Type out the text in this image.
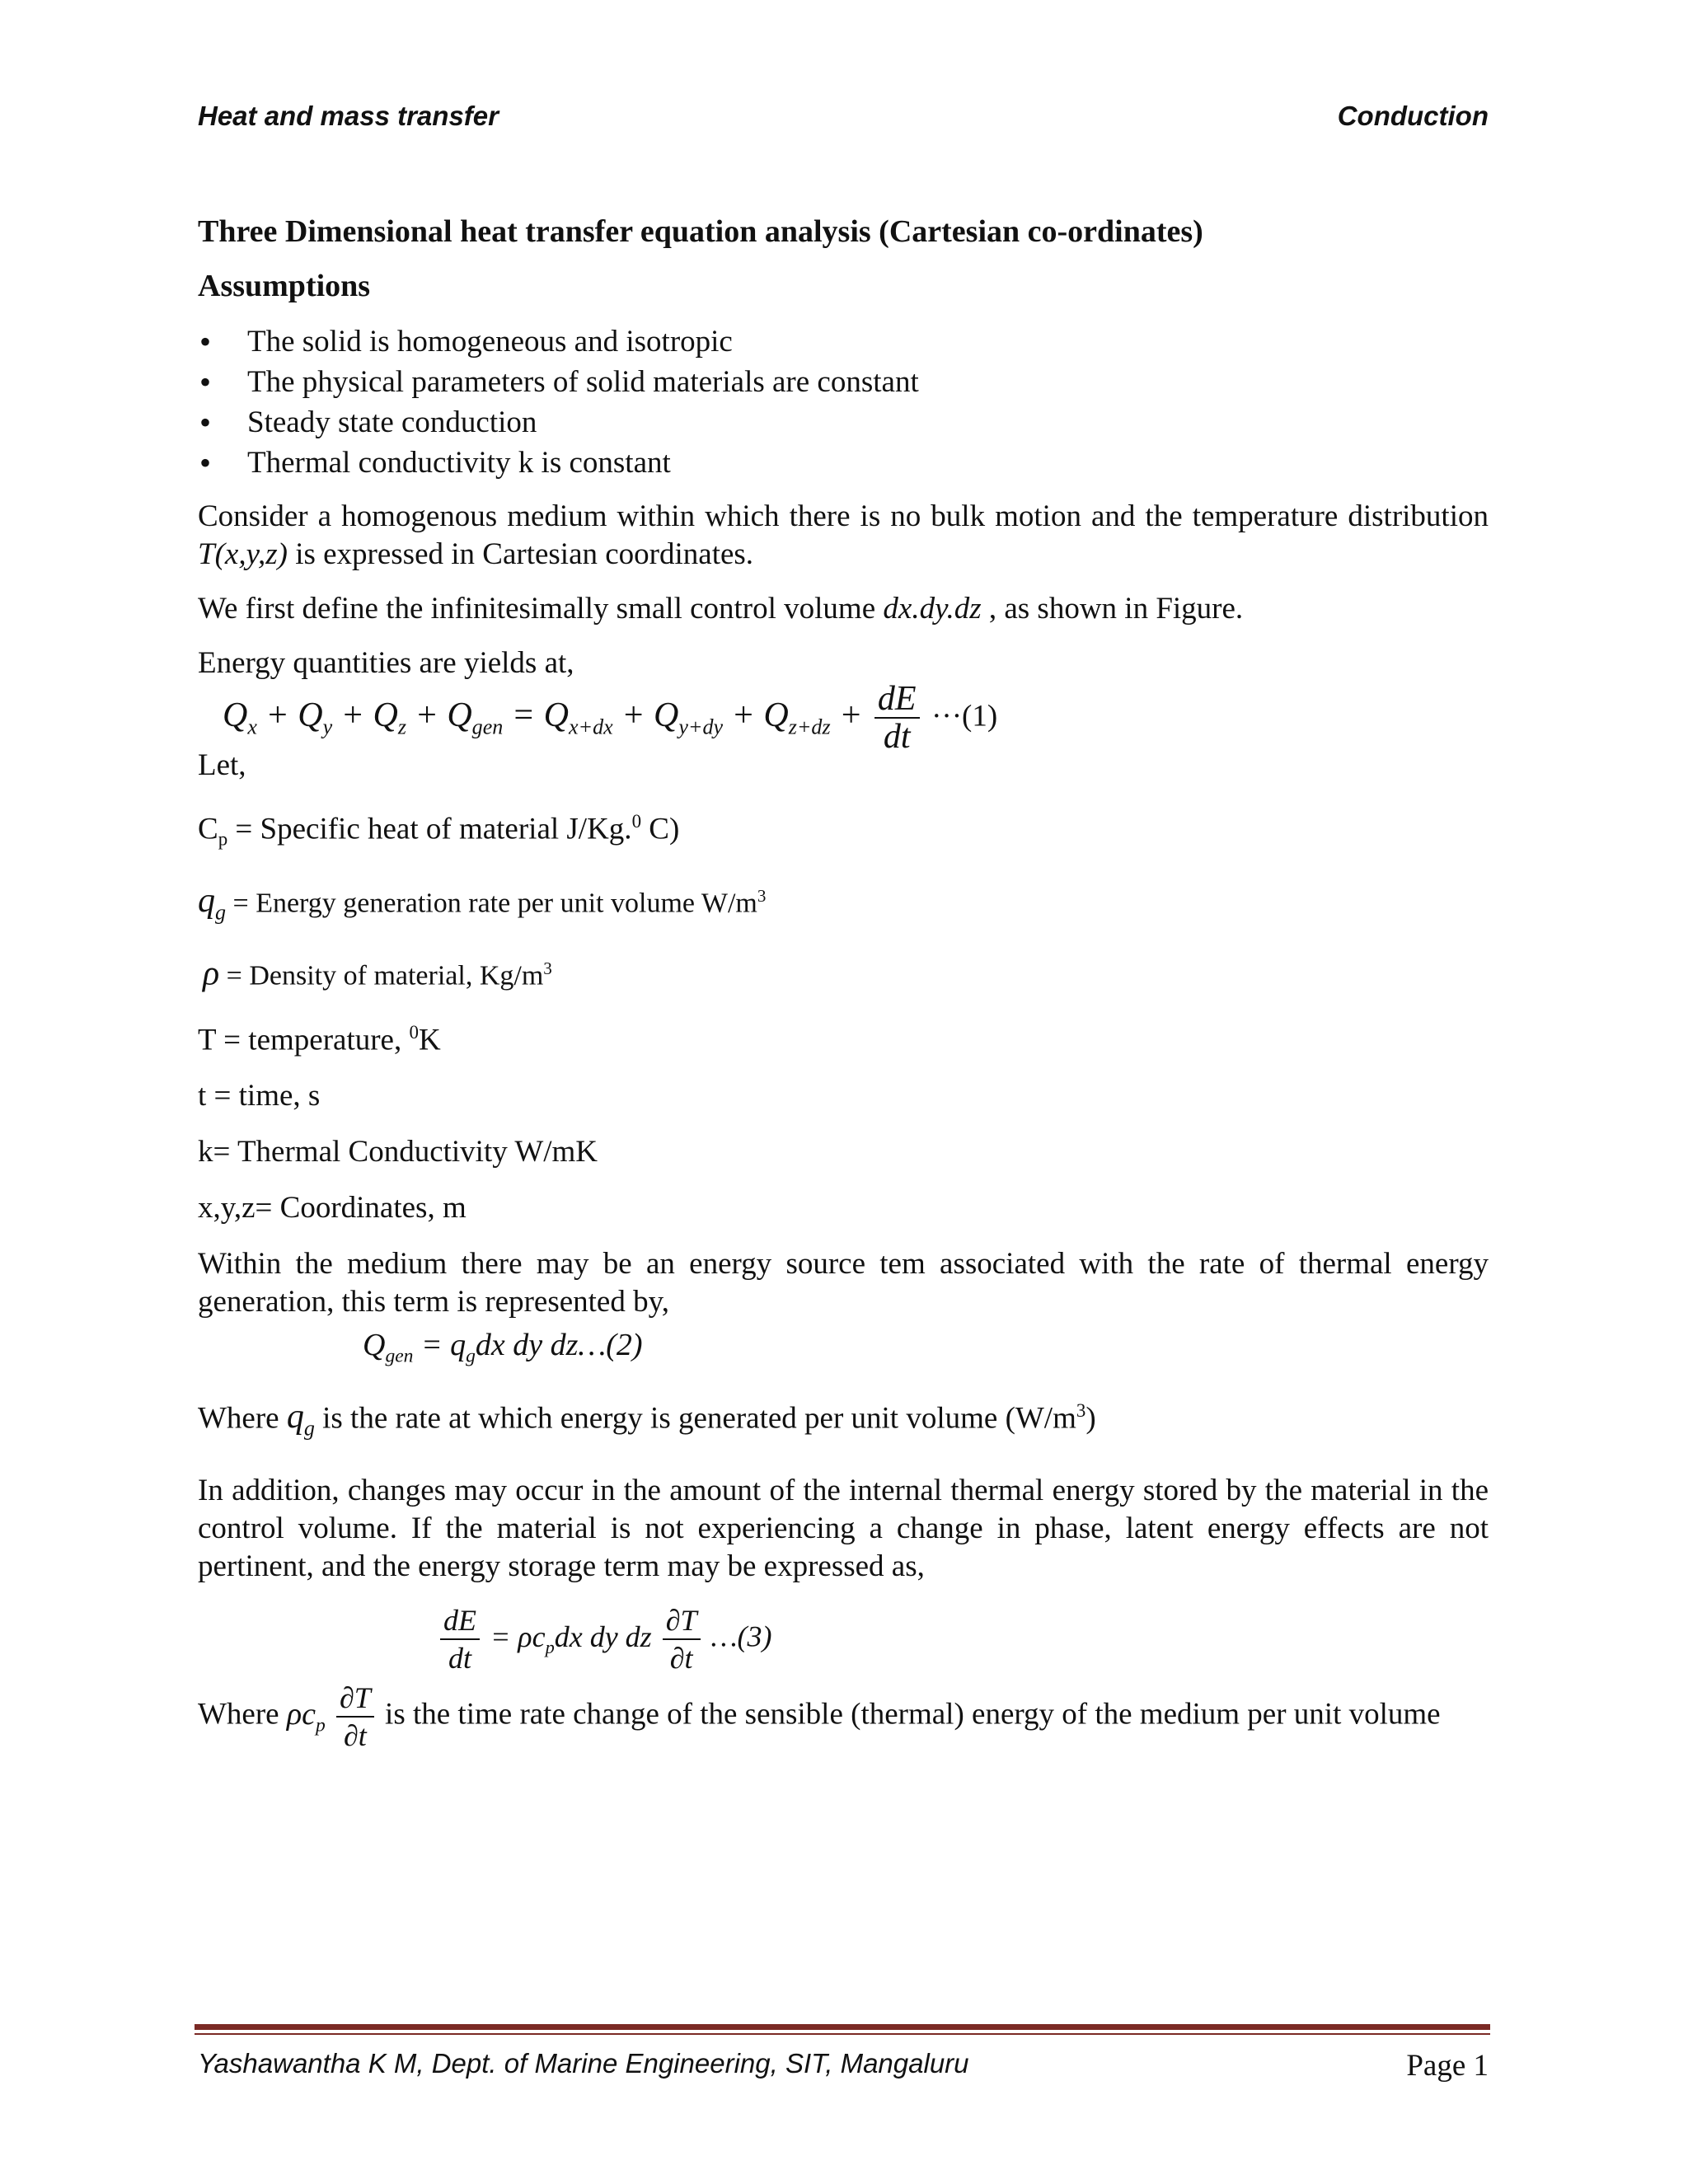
Heat and mass transfer	Conduction
Three Dimensional heat transfer equation analysis (Cartesian co-ordinates)
Assumptions
• The solid is homogeneous and isotropic
• The physical parameters of solid materials are constant
• Steady state conduction
• Thermal conductivity k is constant

Consider a homogenous medium within which there is no bulk motion and the temperature distribution T(x,y,z) is expressed in Cartesian coordinates.

We first define the infinitesimally small control volume dx.dy.dz , as shown in Figure.

Energy quantities are yields at,

$Q_x + Q_y + Q_z + Q_{gen} = Q_{x+dx} + Q_{y+dy} + Q_{z+dz} + \frac{dE}{dt} \cdot\cdot\cdot(1)$
Let,
$C_p$ = Specific heat of material J/Kg.$^0$ C)
$q_g$ = Energy generation rate per unit volume $W/m^3$
ρ = Density of material, $Kg/m^3$
T = temperature, $^0$K
t = time, s
k= Thermal Conductivity W/mK
x,y,z= Coordinates, m

Within the medium there may be an energy source tem associated with the rate of thermal energy generation, this term is represented by,

$Q_{gen} = q_gdx$ dy dz…(2)

Where $q_g$ is the rate at which energy is generated per unit volume $(W/m^3)$

In addition, changes may occur in the amount of the internal thermal energy stored by the material in the control volume. If the material is not experiencing a change in phase, latent energy effects are not pertinent, and the energy storage term may be expressed as,

$\frac{dE}{dt} = \rho c_pdx$ dy dz $\frac{\partial T}{\partial t}$ …(3)

Where $\rho c_p \frac{\partial T}{\partial t}$ is the time rate change of the sensible (thermal) energy of the medium per unit volume

Yashawantha K M, Dept. of Marine Engineering, SIT, Mangaluru	Page 1
